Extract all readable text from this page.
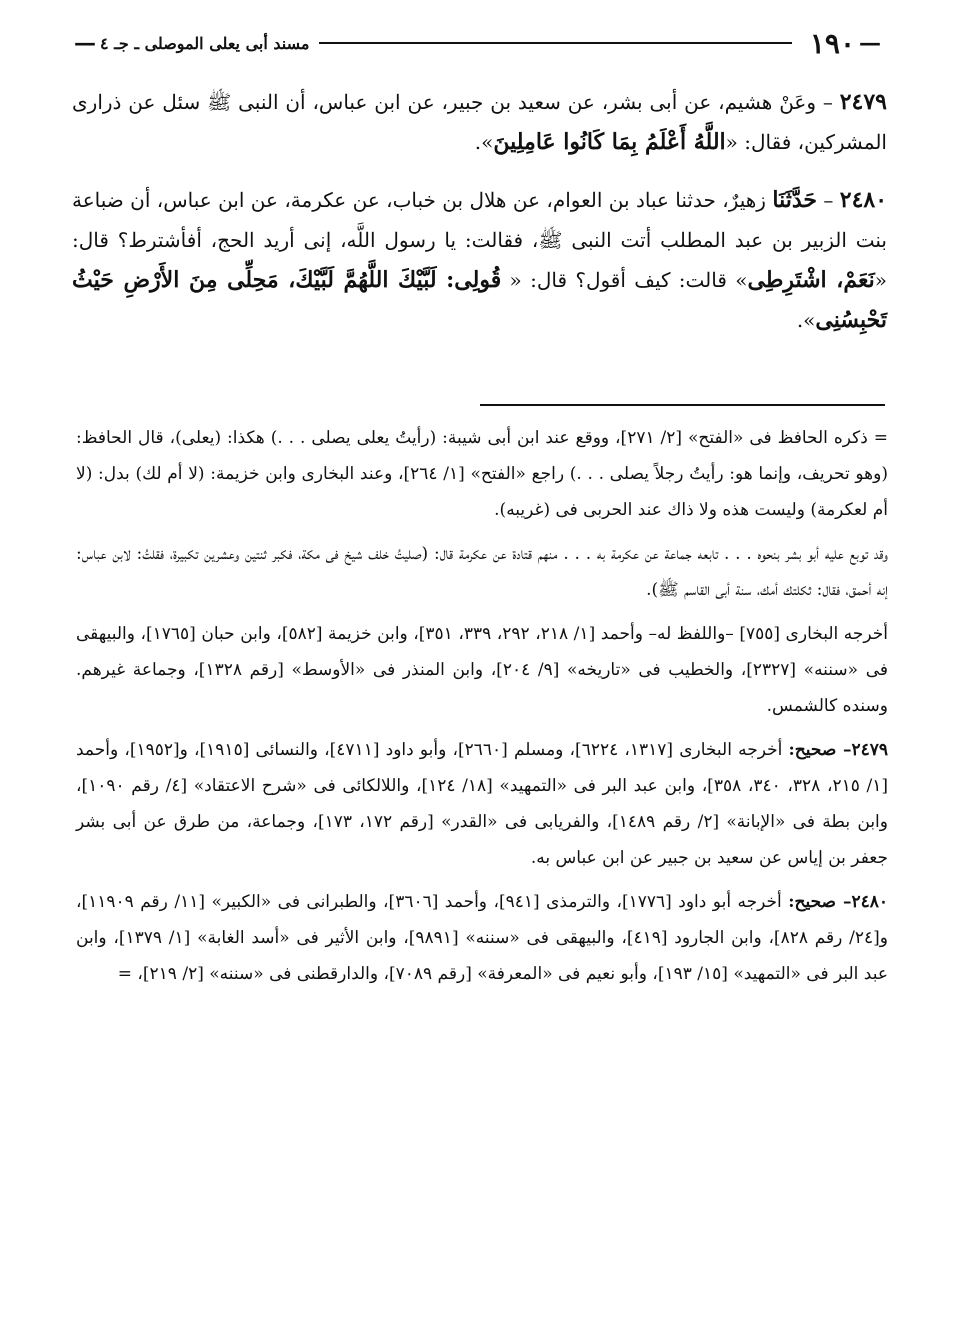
—
١٩٠
مسند أبى يعلى الموصلى ـ جـ ٤
—

٢٤٧٩ – وعَنْ هشيم، عن أبى بشر، عن سعيد بن جبير، عن ابن عباس، أن النبى ﷺ سئل عن ذرارى المشركين، فقال: «اللَّهُ أَعْلَمُ بِمَا كَانُوا عَامِلِينَ».

٢٤٨٠ – حَدَّثَنَا زهيرٌ، حدثنا عباد بن العوام، عن هلال بن خباب، عن عكرمة، عن ابن عباس، أن ضباعة بنت الزبير بن عبد المطلب أتت النبى ﷺ، فقالت: يا رسول اللَّه، إنى أريد الحج، أفأشترط؟ قال: «نَعَمْ، اشْتَرِطِى» قالت: كيف أقول؟ قال: « قُولِى: لَبَّيْكَ اللَّهُمَّ لَبَّيْكَ، مَحِلِّى مِنَ الأَرْضِ حَيْثُ تَحْبِسُنِى».

= ذكره الحافظ فى «الفتح» [٢/ ٢٧١]، ووقع عند ابن أبى شيبة: (رأيتُ يعلى يصلى . . .) هكذا: (يعلى)، قال الحافظ: (وهو تحريف، وإنما هو: رأيتُ رجلاً يصلى . . .) راجع «الفتح» [١/ ٢٦٤]، وعند البخارى وابن خزيمة: (لا أم لك) بدل: (لا أم لعكرمة) وليست هذه ولا ذاك عند الحربى فى (غريبه).

وقد توبع عليه أبو بشر بنحوه . . . تابعه جماعة عن عكرمة به . . . منهم قتادة عن عكرمة قال: (صليتُ خلف شيخ فى مكة، فكبر ثنتين وعشرين تكبيرة، فقلتُ: لابن عباس: إنه أحمق، فقال: ثكلتك أمك، سنة أبى القاسم ﷺ).

أخرجه البخارى [٧٥٥] –واللفظ له– وأحمد [١/ ٢١٨، ٢٩٢، ٣٣٩، ٣٥١]، وابن خزيمة [٥٨٢]، وابن حبان [١٧٦٥]، والبيهقى فى «سننه» [٢٣٢٧]، والخطيب فى «تاريخه» [٩/ ٢٠٤]، وابن المنذر فى «الأوسط» [رقم ١٣٢٨]، وجماعة غيرهم. وسنده كالشمس.

٢٤٧٩– صحيح: أخرجه البخارى [١٣١٧، ٦٢٢٤]، ومسلم [٢٦٦٠]، وأبو داود [٤٧١١]، والنسائى [١٩١٥]، و[١٩٥٢]، وأحمد [١/ ٢١٥، ٣٢٨، ٣٤٠، ٣٥٨]، وابن عبد البر فى «التمهيد» [١٨/ ١٢٤]، واللالكائى فى «شرح الاعتقاد» [٤/ رقم ١٠٩٠]، وابن بطة فى «الإبانة» [٢/ رقم ١٤٨٩]، والفريابى فى «القدر» [رقم ١٧٢، ١٧٣]، وجماعة، من طرق عن أبى بشر جعفر بن إياس عن سعيد بن جبير عن ابن عباس به.

٢٤٨٠– صحيح: أخرجه أبو داود [١٧٧٦]، والترمذى [٩٤١]، وأحمد [٣٦٠٦]، والطبرانى فى «الكبير» [١١/ رقم ١١٩٠٩]، و[٢٤/ رقم ٨٢٨]، وابن الجارود [٤١٩]، والبيهقى فى «سننه» [٩٨٩١]، وابن الأثير فى «أسد الغابة» [١/ ١٣٧٩]، وابن عبد البر فى «التمهيد» [١٥/ ١٩٣]، وأبو نعيم فى «المعرفة» [رقم ٧٠٨٩]، والدارقطنى فى «سننه» [٢/ ٢١٩]، =
